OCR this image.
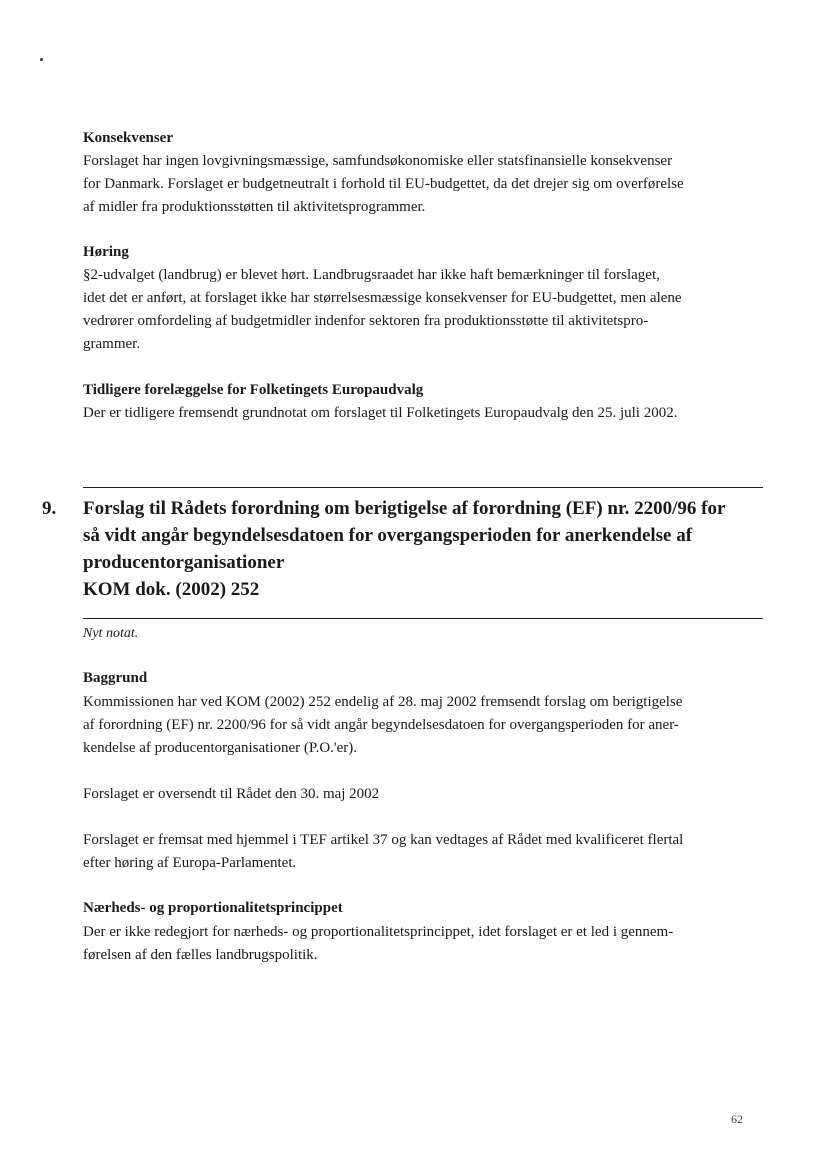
Konsekvenser
Forslaget har ingen lovgivningsmæssige, samfundsøkonomiske eller statsfinansielle konsekvenser
for Danmark. Forslaget er budgetneutralt i forhold til EU-budgettet, da det drejer sig om overførelse
af midler fra produktionsstøtten til aktivitetsprogrammer.
Høring
§2-udvalget (landbrug) er blevet hørt. Landbrugsraadet har ikke haft bemærkninger til forslaget,
idet det er anført, at forslaget ikke har størrelsesmæssige konsekvenser for EU-budgettet, men alene
vedrører omfordeling af budgetmidler indenfor sektoren fra produktionsstøtte til aktivitetspro-
grammer.
Tidligere forelæggelse for Folketingets Europaudvalg
Der er tidligere fremsendt grundnotat om forslaget til Folketingets Europaudvalg den 25. juli 2002.
9. Forslag til Rådets forordning om berigtigelse af forordning (EF) nr. 2200/96 for
så vidt angår begyndelsesdatoen for overgangsperioden for anerkendelse af
producentorganisationer
KOM dok. (2002) 252
Nyt notat.
Baggrund
Kommissionen har ved KOM (2002) 252 endelig af 28. maj 2002 fremsendt forslag om berigtigelse
af forordning (EF) nr. 2200/96 for så vidt angår begyndelsesdatoen for overgangsperioden for aner-
kendelse af producentorganisationer (P.O.'er).
Forslaget er oversendt til Rådet den 30. maj 2002
Forslaget er fremsat med hjemmel i TEF artikel 37 og kan vedtages af Rådet med kvalificeret flertal
efter høring af Europa-Parlamentet.
Nærheds- og proportionalitetsprincippet
Der er ikke redegjort for nærheds- og proportionalitetsprincippet, idet forslaget er et led i gennem-
førelsen af den fælles landbrugspolitik.
62
